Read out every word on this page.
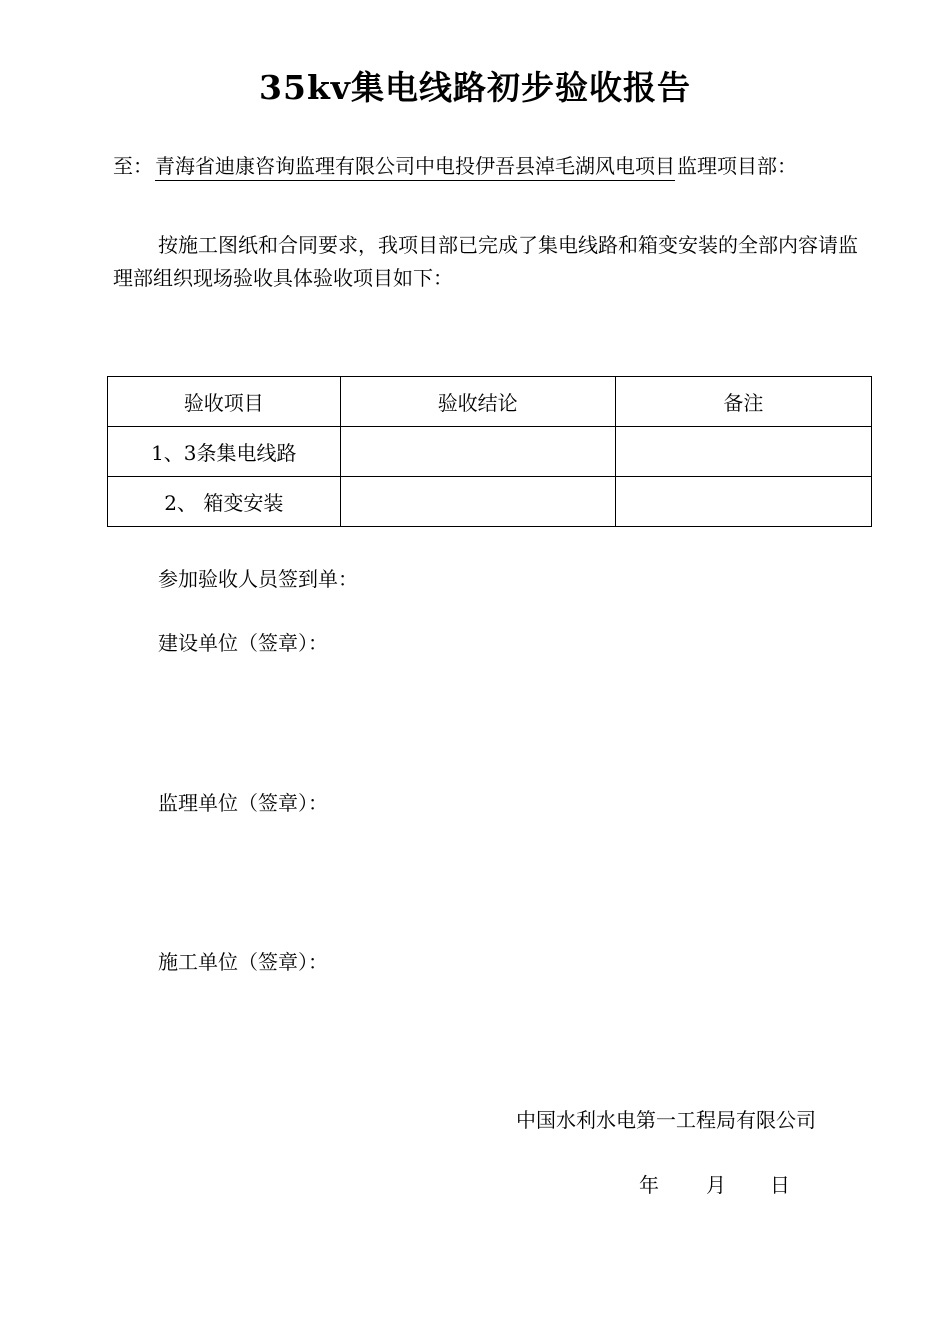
35kv集电线路初步验收报告
至： 青海省迪康咨询监理有限公司中电投伊吾县淖毛湖风电项目 监理项目部：
按施工图纸和合同要求，我项目部已完成了集电线路和箱变安装的全部内容请监理部组织现场验收具体验收项目如下：
验收项目	验收结论	备注
1、3条集电线路		
2、 箱变安装		
参加验收人员签到单：
建设单位（签章）：
监理单位（签章）：
施工单位（签章）：
中国水利水电第一工程局有限公司
年 月 日
